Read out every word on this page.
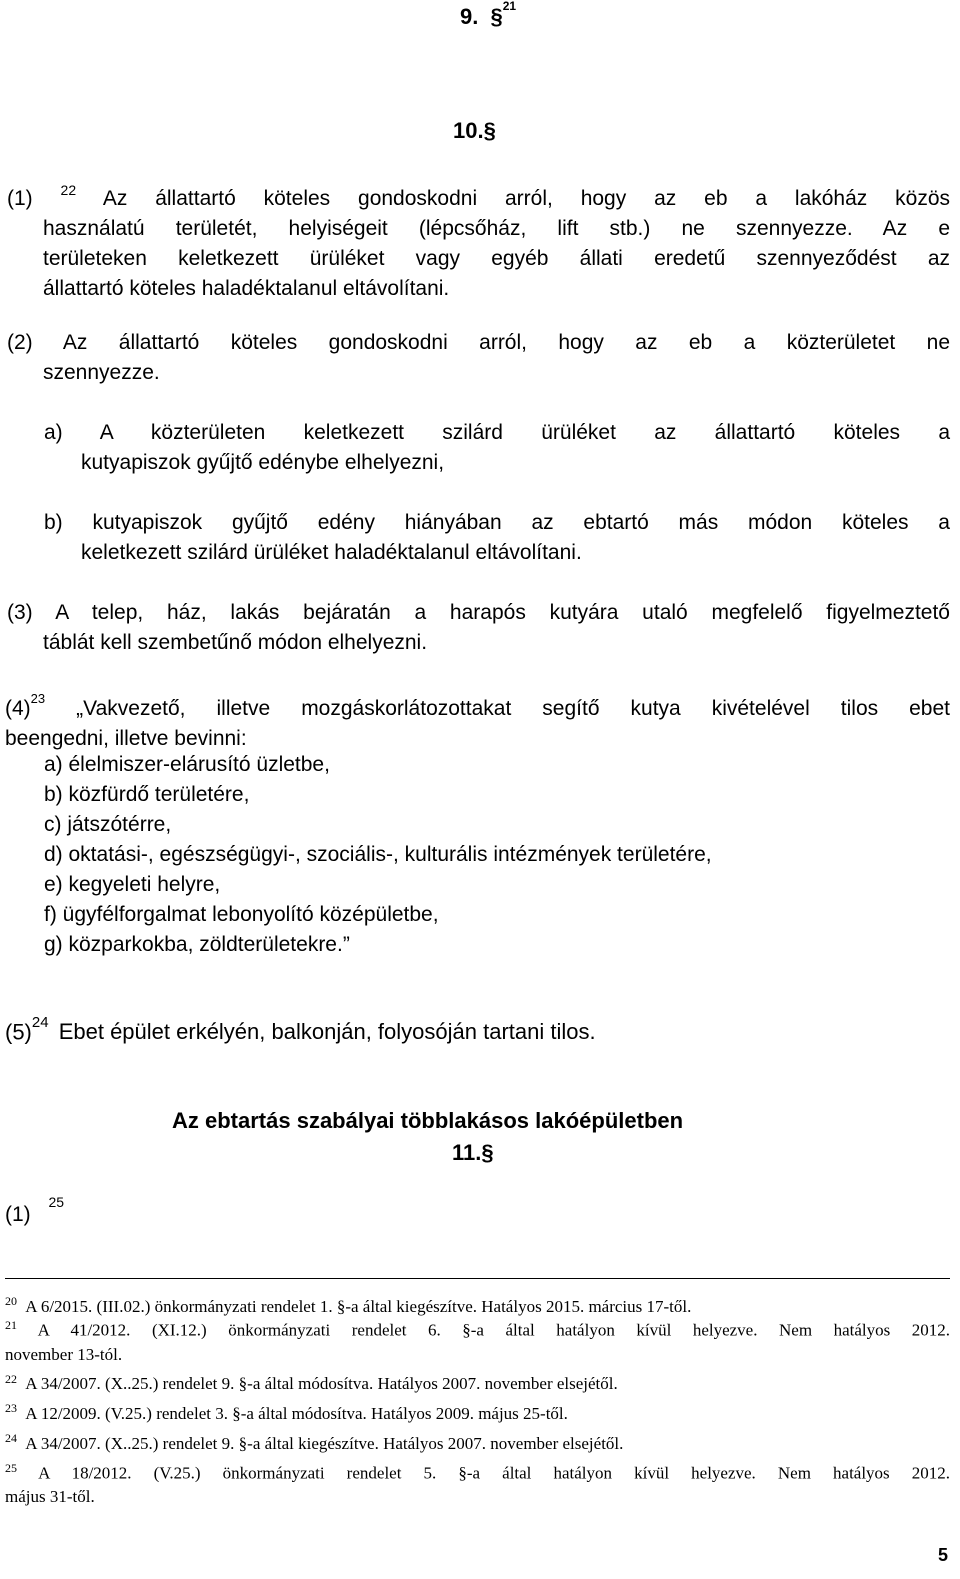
9. §$^{21}$
10.§
(1) $^{22}$ Az állattartó köteles gondoskodni arról, hogy az eb a lakóház közös
használatú területét, helyiségeit (lépcsőház, lift stb.) ne szennyezze. Az e
területeken keletkezett ürüléket vagy egyéb állati eredetű szennyeződést az
állattartó köteles haladéktalanul eltávolítani.
(2) Az állattartó köteles gondoskodni arról, hogy az eb a közterületet ne
szennyezze.
a) A közterületen keletkezett szilárd ürüléket az állattartó köteles a
kutyapiszok gyűjtő edénybe elhelyezni,
b) kutyapiszok gyűjtő edény hiányában az ebtartó más módon köteles a
keletkezett szilárd ürüléket haladéktalanul eltávolítani.
(3) A telep, ház, lakás bejáratán a harapós kutyára utaló megfelelő figyelmeztető
táblát kell szembetűnő módon elhelyezni.
$(4)^{23}$ „Vakvezető, illetve mozgáskorlátozottakat segítő kutya kivételével tilos ebet
beengedni, illetve bevinni:
a) élelmiszer-elárusító üzletbe,
b) közfürdő területére,
c) játszótérre,
d) oktatási-, egészségügyi-, szociális-, kulturális intézmények területére,
e) kegyeleti helyre,
f) ügyfélforgalmat lebonyolító középületbe,
g) közparkokba, zöldterületekre.”
$(5)^{24}$ Ebet épület erkélyén, balkonján, folyosóján tartani tilos.
Az ebtartás szabályai többlakásos lakóépületben
11.§
(1) $^{25}$
$^{20}$ A 6/2015. (III.02.) önkormányzati rendelet 1. §-a által kiegészítve. Hatályos 2015. március 17-től.
$^{21}$ A 41/2012. (XI.12.) önkormányzati rendelet 6. §-a által hatályon kívül helyezve. Nem hatályos 2012.
november 13-tól.
$^{22}$ A 34/2007. (X..25.) rendelet 9. §-a által módosítva. Hatályos 2007. november elsejétől.
$^{23}$ A 12/2009. (V.25.) rendelet 3. §-a által módosítva. Hatályos 2009. május 25-től.
$^{24}$ A 34/2007. (X..25.) rendelet 9. §-a által kiegészítve. Hatályos 2007. november elsejétől.
$^{25}$ A 18/2012. (V.25.) önkormányzati rendelet 5. §-a által hatályon kívül helyezve. Nem hatályos 2012.
május 31-től.
5
